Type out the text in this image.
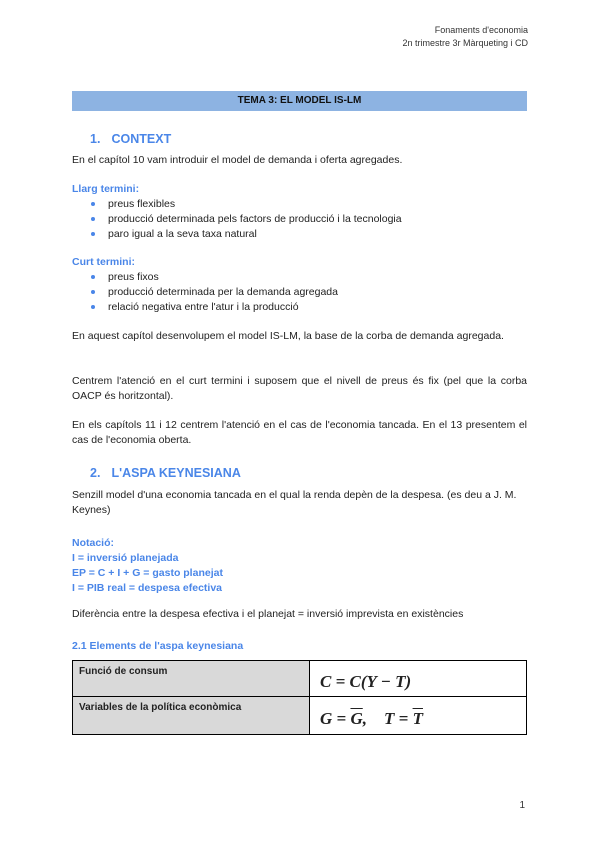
Fonaments d'economia
2n trimestre 3r Màrqueting i CD
TEMA 3: EL MODEL IS-LM
1. CONTEXT
En el capítol 10 vam introduir el model de demanda i oferta agregades.
Llarg termini:
preus flexibles
producció determinada pels factors de producció i la tecnologia
paro igual a la seva taxa natural
Curt termini:
preus fixos
producció determinada per la demanda agregada
relació negativa entre l'atur i la producció
En aquest capítol desenvolupem el model IS-LM, la base de la corba de demanda agregada.
Centrem l'atenció en el curt termini i suposem que el nivell de preus és fix (pel que la corba OACP és horitzontal).
En els capítols 11 i 12 centrem l'atenció en el cas de l'economia tancada. En el 13 presentem el cas de l'economia oberta.
2. L'ASPA KEYNESIANA
Senzill model d'una economia tancada en el qual la renda depèn de la despesa. (es deu a J. M. Keynes)
Notació:
I = inversió planejada
EP = C + I + G = gasto planejat
I = PIB real = despesa efectiva
Diferència entre la despesa efectiva i el planejat = inversió imprevista en existències
2.1 Elements de l'aspa keynesiana
Funció de consum	C = C(Y − T)
Variables de la política econòmica	$G = \overline{G}$,    $T = \overline{T}$
1
